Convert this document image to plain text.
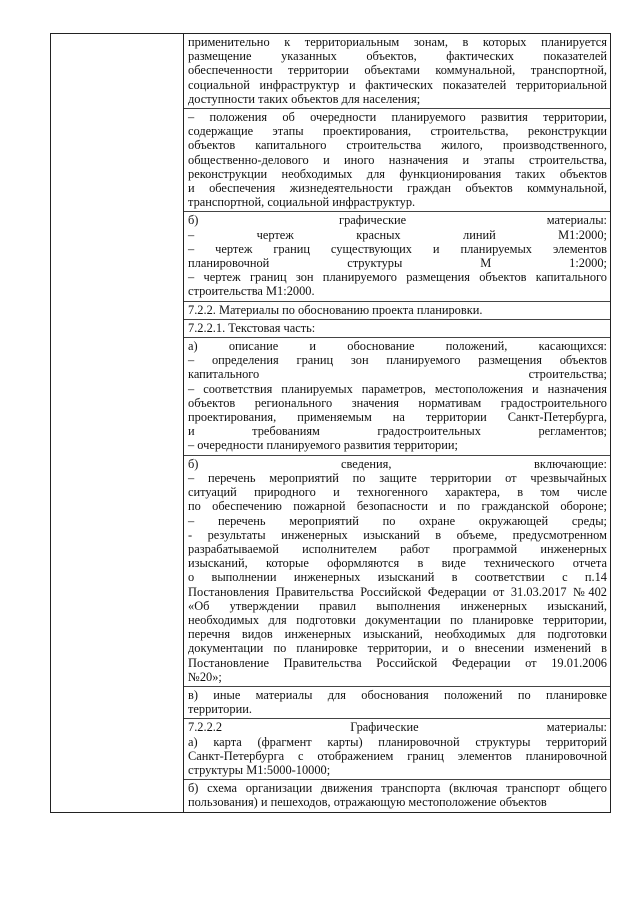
применительно к территориальным зонам, в которых планируется
размещение указанных объектов, фактических показателей
обеспеченности территории объектами коммунальной, транспортной,
социальной инфраструктур и фактических показателей территориальной
доступности таких объектов для населения;
– положения об очередности планируемого развития территории,
содержащие этапы проектирования, строительства, реконструкции
объектов капитального строительства жилого, производственного,
общественно-делового и иного назначения и этапы строительства,
реконструкции необходимых для функционирования таких объектов
и обеспечения жизнедеятельности граждан объектов коммунальной,
транспортной, социальной инфраструктур.
б) графические материалы:
– чертеж красных линий М1:2000;
– чертеж границ существующих и планируемых элементов
планировочной структуры М 1:2000;
– чертеж границ зон планируемого размещения объектов капитального
строительства М1:2000.
7.2.2. Материалы по обоснованию проекта планировки.
7.2.2.1. Текстовая часть:
а) описание и обоснование положений, касающихся:
– определения границ зон планируемого размещения объектов
капитального строительства;
– соответствия планируемых параметров, местоположения и назначения
объектов регионального значения нормативам градостроительного
проектирования, применяемым на территории Санкт-Петербурга,
и требованиям градостроительных регламентов;
– очередности планируемого развития территории;
б) сведения, включающие:
– перечень мероприятий по защите территории от чрезвычайных
ситуаций природного и техногенного характера, в том числе
по обеспечению пожарной безопасности и по гражданской обороне;
– перечень мероприятий по охране окружающей среды;
- результаты инженерных изысканий в объеме, предусмотренном
разрабатываемой исполнителем работ программой инженерных
изысканий, которые оформляются в виде технического отчета
о выполнении инженерных изысканий в соответствии с п.14
Постановления Правительства Российской Федерации от 31.03.2017 №402
«Об утверждении правил выполнения инженерных изысканий,
необходимых для подготовки документации по планировке территории,
перечня видов инженерных изысканий, необходимых для подготовки
документации по планировке территории, и о внесении изменений в
Постановление Правительства Российской Федерации от 19.01.2006
№20»;
в) иные материалы для обоснования положений по планировке
территории.
7.2.2.2 Графические материалы:
а) карта (фрагмент карты) планировочной структуры территорий
Санкт-Петербурга с отображением границ элементов планировочной
структуры М1:5000-10000;
б) схема организации движения транспорта (включая транспорт общего
пользования) и пешеходов, отражающую местоположение объектов
